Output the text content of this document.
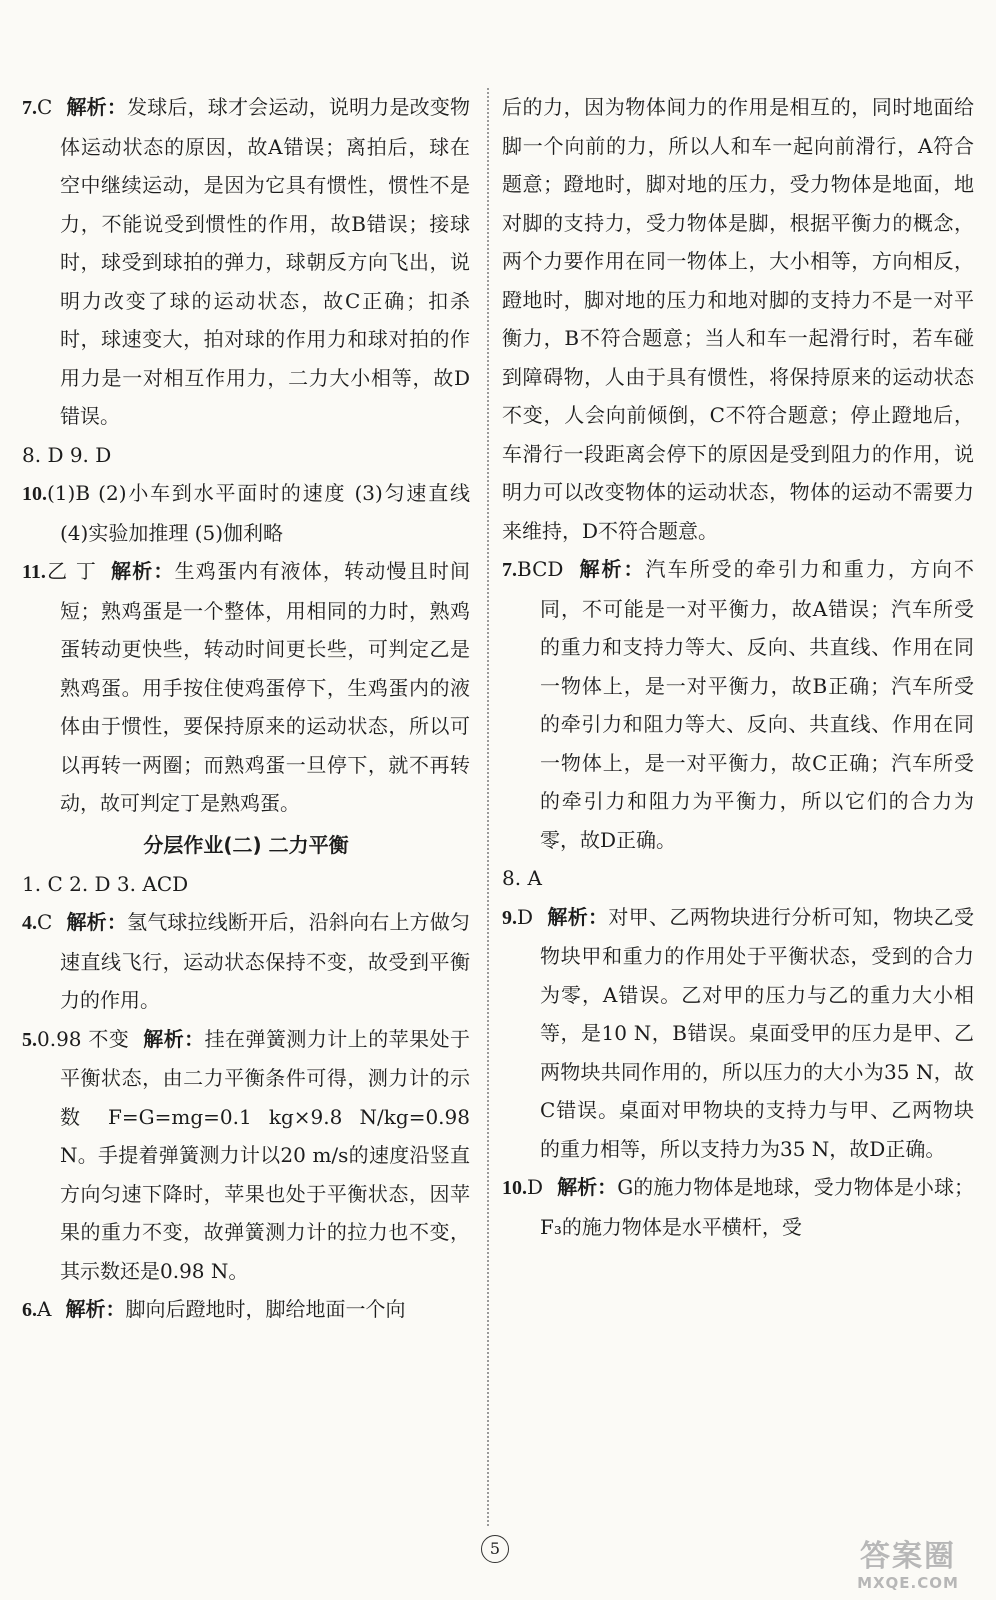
7.C 解析：发球后，球才会运动，说明力是改变物体运动状态的原因，故A错误；离拍后，球在空中继续运动，是因为它具有惯性，惯性不是力，不能说受到惯性的作用，故B错误；接球时，球受到球拍的弹力，球朝反方向飞出，说明力改变了球的运动状态，故C正确；扣杀时，球速变大，拍对球的作用力和球对拍的作用力是一对相互作用力，二力大小相等，故D错误。

8. D 9. D

10.(1)B (2)小车到水平面时的速度 (3)匀速直线 (4)实验加推理 (5)伽利略

11.乙 丁 解析：生鸡蛋内有液体，转动慢且时间短；熟鸡蛋是一个整体，用相同的力时，熟鸡蛋转动更快些，转动时间更长些，可判定乙是熟鸡蛋。用手按住使鸡蛋停下，生鸡蛋内的液体由于惯性，要保持原来的运动状态，所以可以再转一两圈；而熟鸡蛋一旦停下，就不再转动，故可判定丁是熟鸡蛋。

分层作业(二) 二力平衡

1. C 2. D 3. ACD

4.C 解析：氢气球拉线断开后，沿斜向右上方做匀速直线飞行，运动状态保持不变，故受到平衡力的作用。

5.0.98 不变 解析：挂在弹簧测力计上的苹果处于平衡状态，由二力平衡条件可得，测力计的示数 F=G=mg=0.1 kg×9.8 N/kg=0.98 N。手提着弹簧测力计以20 m/s的速度沿竖直方向匀速下降时，苹果也处于平衡状态，因苹果的重力不变，故弹簧测力计的拉力也不变，其示数还是0.98 N。

6.A 解析：脚向后蹬地时，脚给地面一个向

后的力，因为物体间力的作用是相互的，同时地面给脚一个向前的力，所以人和车一起向前滑行，A符合题意；蹬地时，脚对地的压力，受力物体是地面，地对脚的支持力，受力物体是脚，根据平衡力的概念，两个力要作用在同一物体上，大小相等，方向相反，蹬地时，脚对地的压力和地对脚的支持力不是一对平衡力，B不符合题意；当人和车一起滑行时，若车碰到障碍物，人由于具有惯性，将保持原来的运动状态不变，人会向前倾倒，C不符合题意；停止蹬地后，车滑行一段距离会停下的原因是受到阻力的作用，说明力可以改变物体的运动状态，物体的运动不需要力来维持，D不符合题意。

7.BCD 解析：汽车所受的牵引力和重力，方向不同，不可能是一对平衡力，故A错误；汽车所受的重力和支持力等大、反向、共直线、作用在同一物体上，是一对平衡力，故B正确；汽车所受的牵引力和阻力等大、反向、共直线、作用在同一物体上，是一对平衡力，故C正确；汽车所受的牵引力和阻力为平衡力，所以它们的合力为零，故D正确。

8. A

9.D 解析：对甲、乙两物块进行分析可知，物块乙受物块甲和重力的作用处于平衡状态，受到的合力为零，A错误。乙对甲的压力与乙的重力大小相等，是10 N，B错误。桌面受甲的压力是甲、乙两物块共同作用的，所以压力的大小为35 N，故C错误。桌面对甲物块的支持力与甲、乙两物块的重力相等，所以支持力为35 N，故D正确。

10.D 解析：G的施力物体是地球，受力物体是小球；F₃的施力物体是水平横杆，受

5	答案圈
MXQE.COM
